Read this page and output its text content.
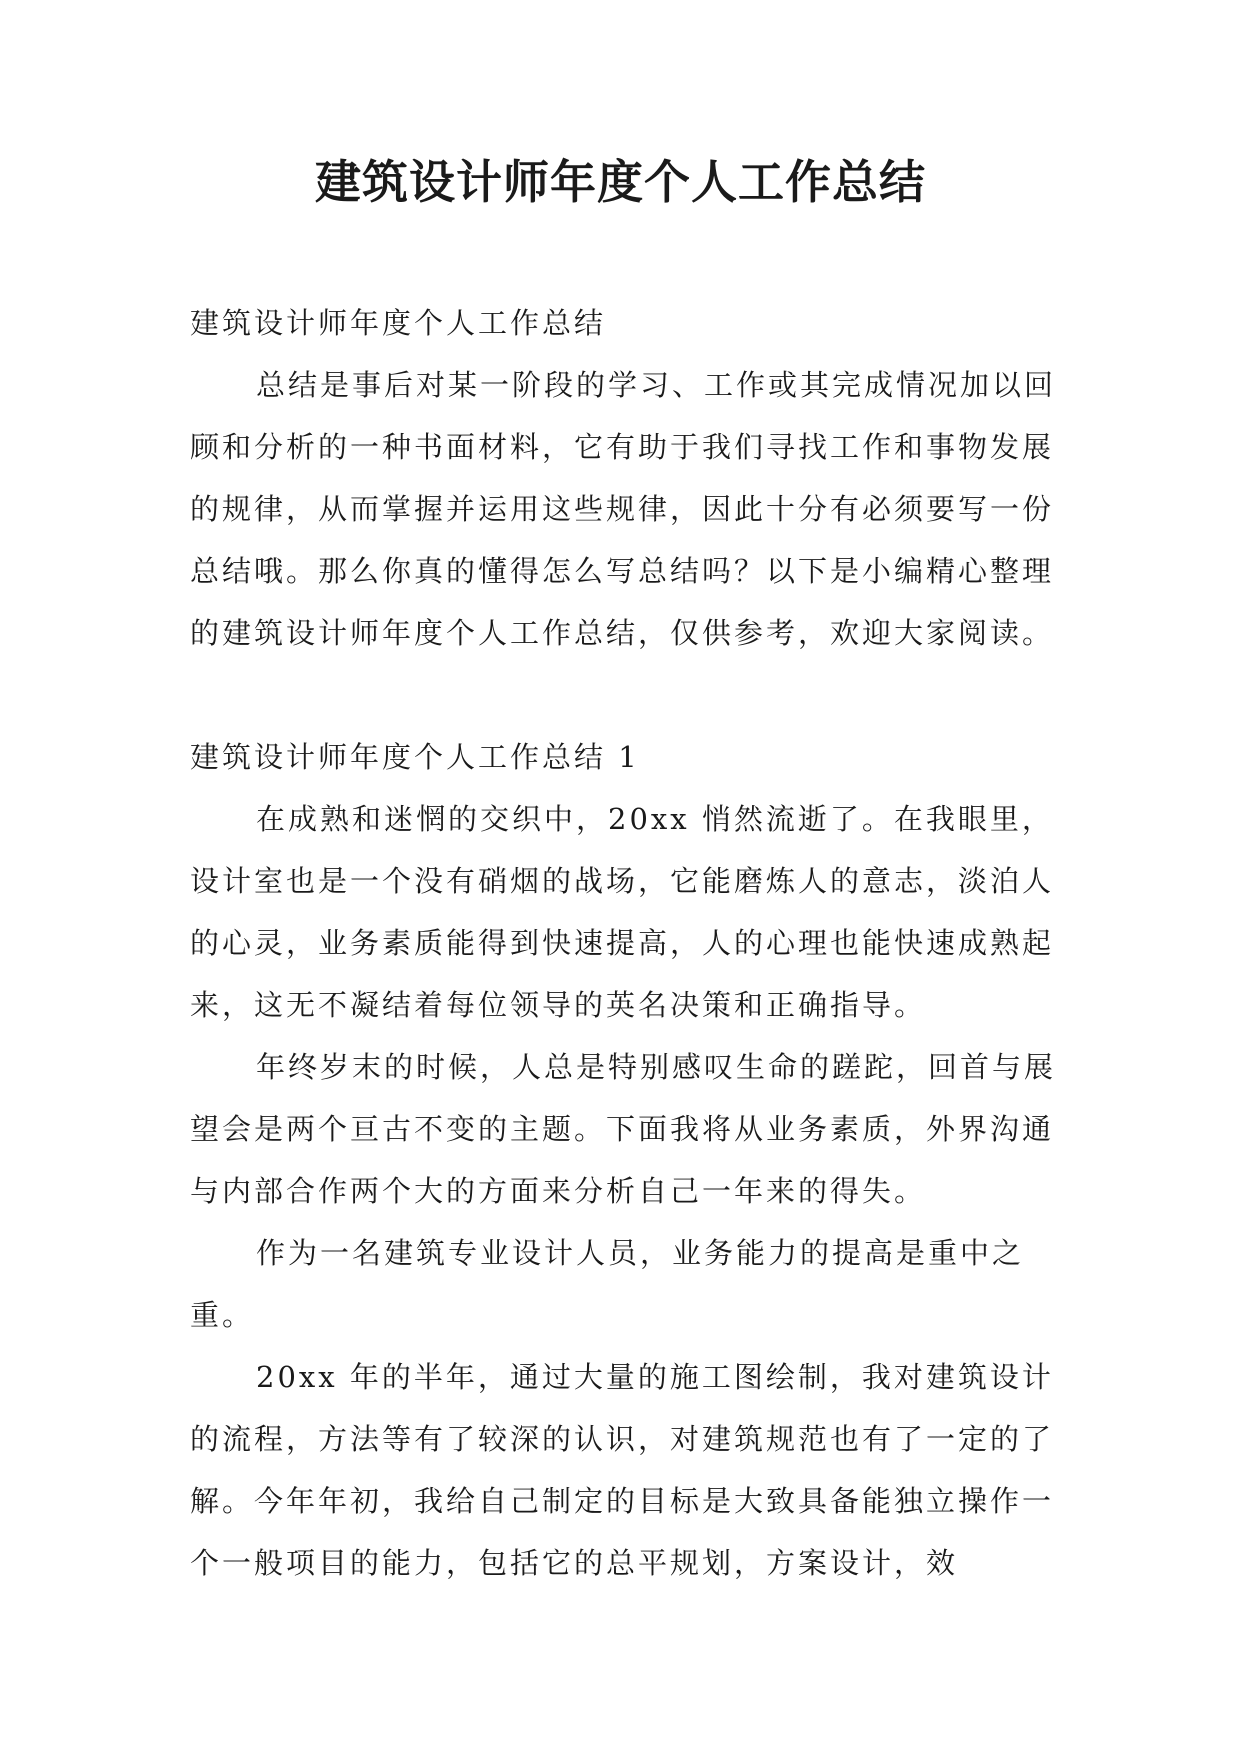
建筑设计师年度个人工作总结

建筑设计师年度个人工作总结

总结是事后对某一阶段的学习、工作或其完成情况加以回顾和分析的一种书面材料，它有助于我们寻找工作和事物发展的规律，从而掌握并运用这些规律，因此十分有必须要写一份总结哦。那么你真的懂得怎么写总结吗？以下是小编精心整理的建筑设计师年度个人工作总结，仅供参考，欢迎大家阅读。

建筑设计师年度个人工作总结 1

在成熟和迷惘的交织中，20xx 悄然流逝了。在我眼里，设计室也是一个没有硝烟的战场，它能磨炼人的意志，淡泊人的心灵，业务素质能得到快速提高，人的心理也能快速成熟起来，这无不凝结着每位领导的英名决策和正确指导。

年终岁末的时候，人总是特别感叹生命的蹉跎，回首与展望会是两个亘古不变的主题。下面我将从业务素质，外界沟通与内部合作两个大的方面来分析自己一年来的得失。

作为一名建筑专业设计人员，业务能力的提高是重中之重。

20xx 年的半年，通过大量的施工图绘制，我对建筑设计的流程，方法等有了较深的认识，对建筑规范也有了一定的了解。今年年初，我给自己制定的目标是大致具备能独立操作一个一般项目的能力，包括它的总平规划，方案设计，效
